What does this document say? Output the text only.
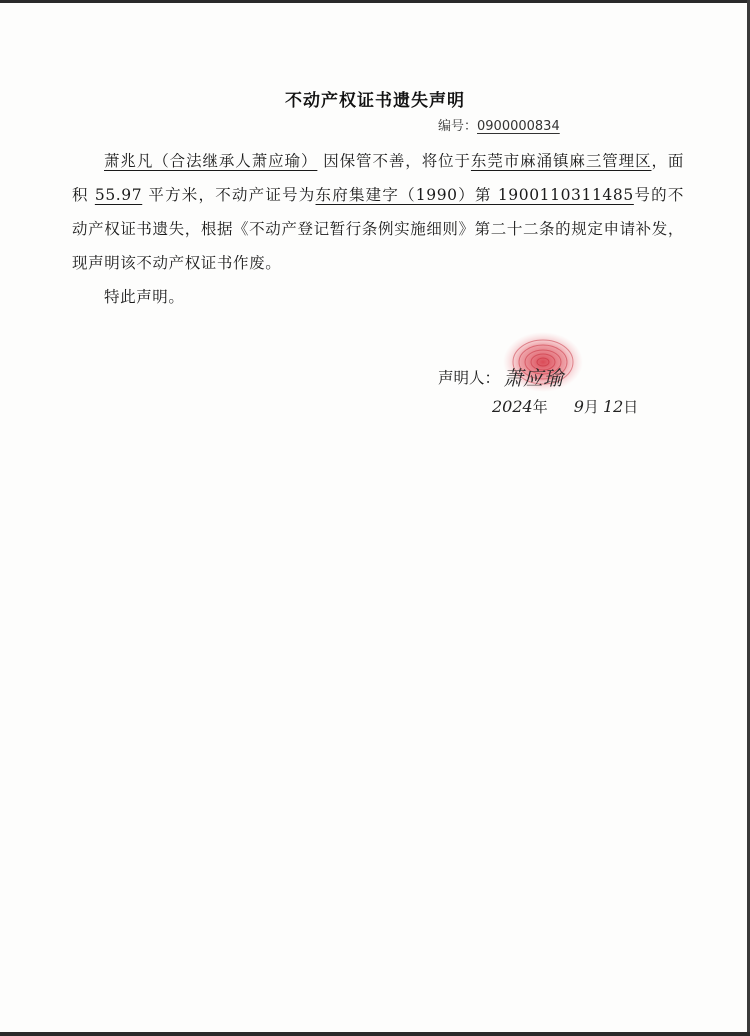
不动产权证书遗失声明
编号：0900000834

萧兆凡（合法继承人萧应瑜） 因保管不善，将位于东莞市麻涌镇麻三管理区，面积 55.97 平方米，不动产证号为东府集建字（1990）第 1900110311485号的不动产权证书遗失，根据《不动产登记暂行条例实施细则》第二十二条的规定申请补发，现声明该不动产权证书作废。

特此声明。

声明人： 萧应瑜
2024年 9月 12日
